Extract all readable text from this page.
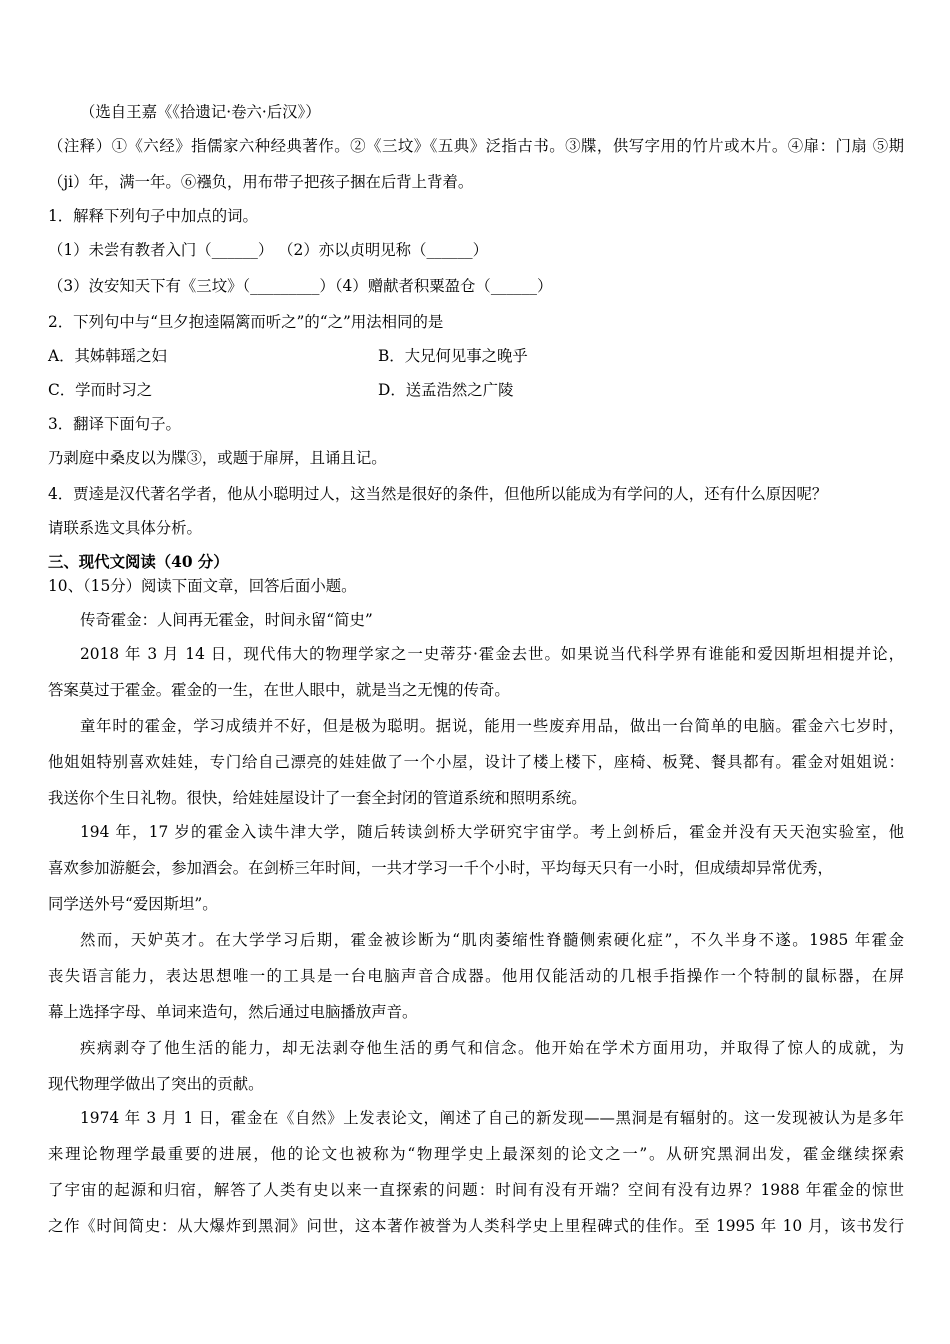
（选自王嘉《《拾遗记·卷六·后汉》）
（注释）①《六经》指儒家六种经典著作。②《三坟》《五典》泛指古书。③牒，供写字用的竹片或木片。④扉：门扇 ⑤期
（ji）年，满一年。⑥襁负，用布带子把孩子捆在后背上背着。
1．解释下列句子中加点的词。
（1）未尝有教者入门（______） （2）亦以贞明见称（______）
（3）汝安知天下有《三坟》（_________）（4）赠献者积粟盈仓（______）
2．下列句中与“旦夕抱逵隔篱而听之”的“之”用法相同的是
A．其姊韩瑶之妇	B．大兄何见事之晚乎
C．学而时习之	D．送孟浩然之广陵
3．翻译下面句子。
乃剥庭中桑皮以为牒③，或题于扉屏，且诵且记。
4．贾逵是汉代著名学者，他从小聪明过人，这当然是很好的条件，但他所以能成为有学问的人，还有什么原因呢？
请联系选文具体分析。
三、现代文阅读（40 分）
10、（15分）阅读下面文章，回答后面小题。
传奇霍金：人间再无霍金，时间永留“简史”
2018 年 3 月 14 日，现代伟大的物理学家之一史蒂芬·霍金去世。如果说当代科学界有谁能和爱因斯坦相提并论，
答案莫过于霍金。霍金的一生，在世人眼中，就是当之无愧的传奇。
童年时的霍金，学习成绩并不好，但是极为聪明。据说，能用一些废弃用品，做出一台简单的电脑。霍金六七岁时，
他姐姐特别喜欢娃娃，专门给自己漂亮的娃娃做了一个小屋，设计了楼上楼下，座椅、板凳、餐具都有。霍金对姐姐说：
我送你个生日礼物。很快，给娃娃屋设计了一套全封闭的管道系统和照明系统。
194 年，17 岁的霍金入读牛津大学，随后转读剑桥大学研究宇宙学。考上剑桥后，霍金并没有天天泡实验室，他
喜欢参加游艇会，参加酒会。在剑桥三年时间，一共才学习一千个小时，平均每天只有一小时，但成绩却异常优秀，
同学送外号“爱因斯坦”。
然而，天妒英才。在大学学习后期，霍金被诊断为“肌肉萎缩性脊髓侧索硬化症”，不久半身不遂。1985 年霍金
丧失语言能力，表达思想唯一的工具是一台电脑声音合成器。他用仅能活动的几根手指操作一个特制的鼠标器，在屏
幕上选择字母、单词来造句，然后通过电脑播放声音。
疾病剥夺了他生活的能力，却无法剥夺他生活的勇气和信念。他开始在学术方面用功，并取得了惊人的成就，为
现代物理学做出了突出的贡献。
1974 年 3 月 1 日，霍金在《自然》上发表论文，阐述了自己的新发现——黑洞是有辐射的。这一发现被认为是多年
来理论物理学最重要的进展，他的论文也被称为“物理学史上最深刻的论文之一”。从研究黑洞出发，霍金继续探索
了宇宙的起源和归宿，解答了人类有史以来一直探索的问题：时间有没有开端？空间有没有边界？1988 年霍金的惊世
之作《时间简史：从大爆炸到黑洞》问世，这本著作被誉为人类科学史上里程碑式的佳作。至 1995 年 10 月，该书发行
